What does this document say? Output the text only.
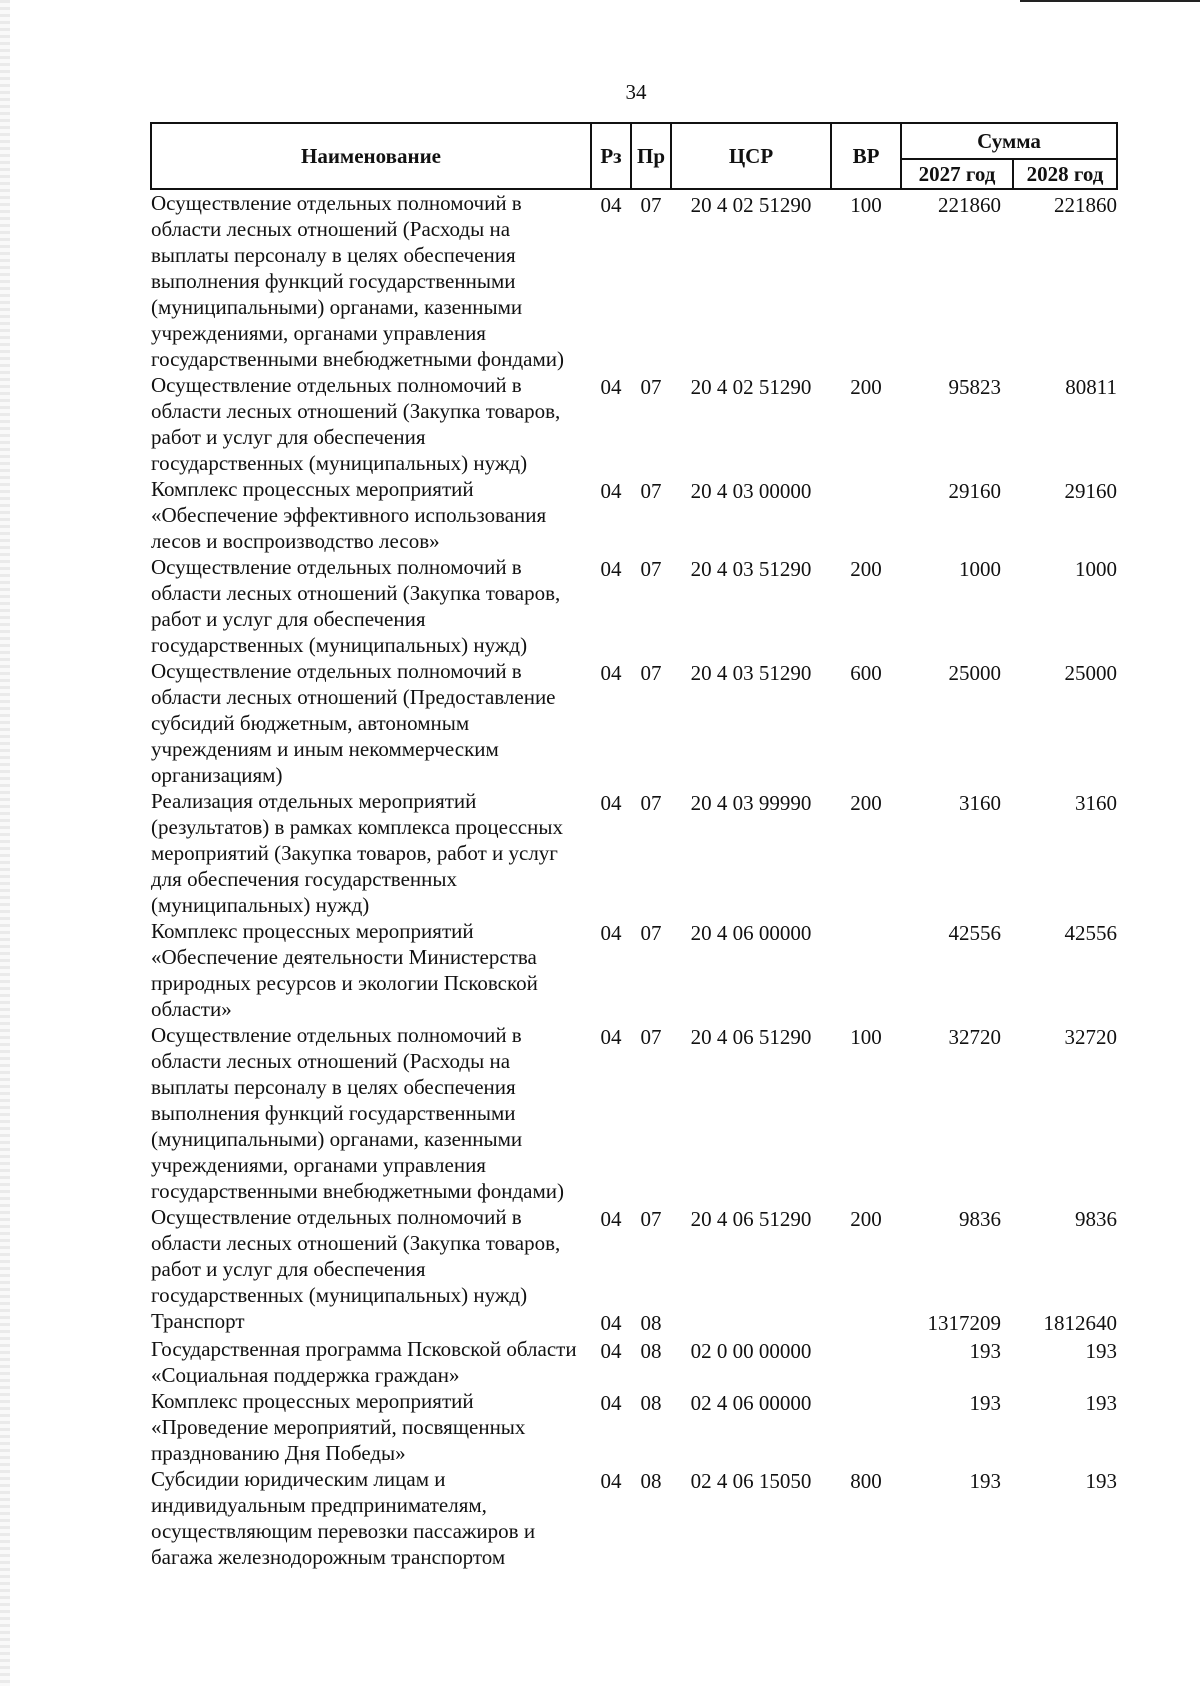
34
Наименование	Рз	Пр	ЦСР	ВР	Сумма	
					2027 год	2028 год
Осуществление отдельных полномочий в области лесных отношений (Расходы на выплаты персоналу в целях обеспечения выполнения функций государственными (муниципальными) органами, казенными учреждениями, органами управления государственными внебюджетными фондами)	04	07	20 4 02 51290	100	221860	221860
Осуществление отдельных полномочий в области лесных отношений (Закупка товаров, работ и услуг для обеспечения государственных (муниципальных) нужд)	04	07	20 4 02 51290	200	95823	80811
Комплекс процессных мероприятий «Обеспечение эффективного использования лесов и воспроизводство лесов»	04	07	20 4 03 00000		29160	29160
Осуществление отдельных полномочий в области лесных отношений (Закупка товаров, работ и услуг для обеспечения государственных (муниципальных) нужд)	04	07	20 4 03 51290	200	1000	1000
Осуществление отдельных полномочий в области лесных отношений (Предоставление субсидий бюджетным, автономным учреждениям и иным некоммерческим организациям)	04	07	20 4 03 51290	600	25000	25000
Реализация отдельных мероприятий (результатов) в рамках комплекса процессных мероприятий (Закупка товаров, работ и услуг для обеспечения государственных (муниципальных) нужд)	04	07	20 4 03 99990	200	3160	3160
Комплекс процессных мероприятий «Обеспечение деятельности Министерства природных ресурсов и экологии Псковской области»	04	07	20 4 06 00000		42556	42556
Осуществление отдельных полномочий в области лесных отношений (Расходы на выплаты персоналу в целях обеспечения выполнения функций государственными (муниципальными) органами, казенными учреждениями, органами управления государственными внебюджетными фондами)	04	07	20 4 06 51290	100	32720	32720
Осуществление отдельных полномочий в области лесных отношений (Закупка товаров, работ и услуг для обеспечения государственных (муниципальных) нужд)	04	07	20 4 06 51290	200	9836	9836
Транспорт	04	08			1317209	1812640
Государственная программа Псковской области «Социальная поддержка граждан»	04	08	02 0 00 00000		193	193
Комплекс процессных мероприятий «Проведение мероприятий, посвященных празднованию Дня Победы»	04	08	02 4 06 00000		193	193
Субсидии юридическим лицам и индивидуальным предпринимателям, осуществляющим перевозки пассажиров и багажа железнодорожным транспортом	04	08	02 4 06 15050	800	193	193
